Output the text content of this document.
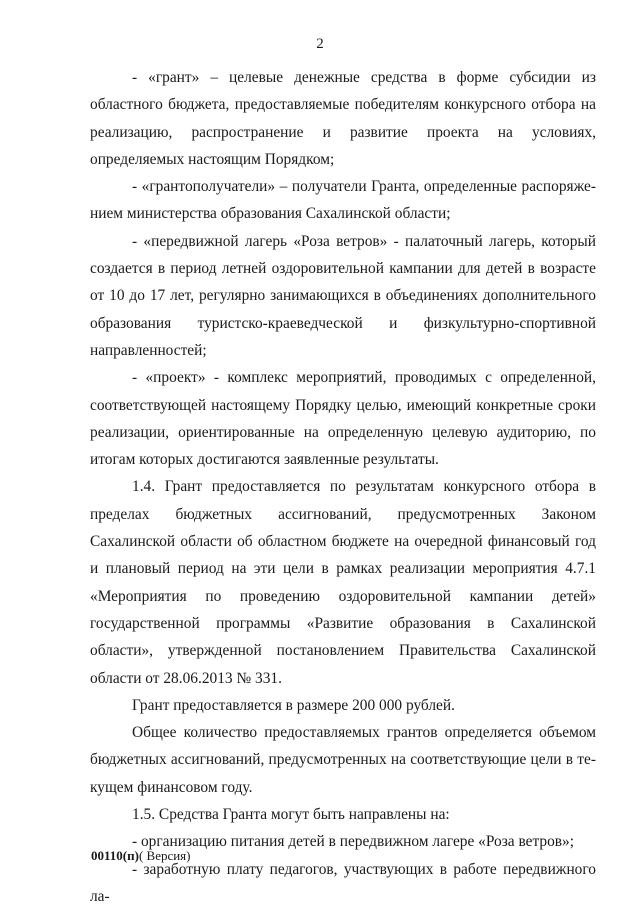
2

- «грант» – целевые денежные средства в форме субсидии из областного бюджета, предоставляемые победителям конкурсного отбора на реализацию, распространение и развитие проекта на условиях, определяемых настоящим Порядком;

- «грантополучатели» – получатели Гранта, определенные распоряжением министерства образования Сахалинской области;

- «передвижной лагерь «Роза ветров» - палаточный лагерь, который создается в период летней оздоровительной кампании для детей в возрасте от 10 до 17 лет, регулярно занимающихся в объединениях дополнительного образования туристско-краеведческой и физкультурно-спортивной направленностей;

- «проект» - комплекс мероприятий, проводимых с определенной, соответствующей настоящему Порядку целью, имеющий конкретные сроки реализации, ориентированные на определенную целевую аудиторию, по итогам которых достигаются заявленные результаты.

1.4. Грант предоставляется по результатам конкурсного отбора в пределах бюджетных ассигнований, предусмотренных Законом Сахалинской области об областном бюджете на очередной финансовый год и плановый период на эти цели в рамках реализации мероприятия 4.7.1 «Мероприятия по проведению оздоровительной кампании детей» государственной программы «Развитие образования в Сахалинской области», утвержденной постановлением Правительства Сахалинской области от 28.06.2013 № 331.

Грант предоставляется в размере 200 000 рублей.

Общее количество предоставляемых грантов определяется объемом бюджетных ассигнований, предусмотренных на соответствующие цели в текущем финансовом году.

1.5. Средства Гранта могут быть направлены на:

- организацию питания детей в передвижном лагере «Роза ветров»;

- заработную плату педагогов, участвующих в работе передвижного ла-

00110(п)( Версия)
